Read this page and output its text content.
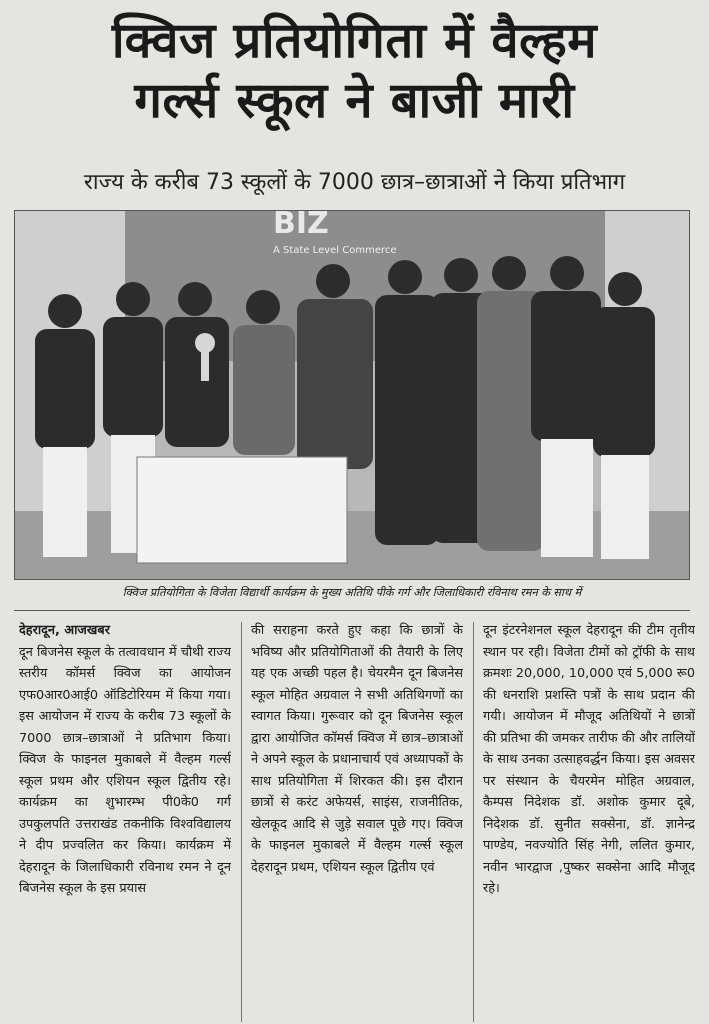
क्विज प्रतियोगिता में वैल्हम
गर्ल्स स्कूल ने बाजी मारी
राज्य के करीब 73 स्कूलों के 7000 छात्र–छात्राओं ने किया प्रतिभाग
BIZ
A State Level Commerce
क्विज प्रतियोगिता के विजेता विद्यार्थी कार्यक्रम के मुख्य अतिथि पीके गर्ग और जिलाधिकारी रविनाथ रमन के साथ में

देहरादून, आजखबर

दून बिजनेस स्कूल के तत्वावधान में चौथी राज्य स्तरीय कॉमर्स क्विज का आयोजन एफ0आर0आई0 ऑडिटोरियम में किया गया। इस आयोजन में राज्य के करीब 73 स्कूलों के 7000 छात्र–छात्राओं ने प्रतिभाग किया। क्विज के फाइनल मुकाबले में वैल्हम गर्ल्स स्कूल प्रथम और एशियन स्कूल द्वितीय रहे। कार्यक्रम का शुभारम्भ पी0के0 गर्ग उपकुलपति उत्तराखंड तकनीकि विश्वविद्यालय ने दीप प्रज्वलित कर किया। कार्यक्रम में देहरादून के जिलाधिकारी रविनाथ रमन ने दून बिजनेस स्कूल के इस प्रयास

की सराहना करते हुए कहा कि छात्रों के भविष्य और प्रतियोगिताओं की तैयारी के लिए यह एक अच्छी पहल है। चेयरमैन दून बिजनेस स्कूल मोहित अग्रवाल ने सभी अतिथिगणों का स्वागत किया। गुरूवार को दून बिजनेस स्कूल द्वारा आयोजित कॉमर्स क्विज में छात्र–छात्राओं ने अपने स्कूल के प्रधानाचार्य एवं अध्यापकों के साथ प्रतियोगिता में शिरकत की। इस दौरान छात्रों से करंट अफेयर्स, साइंस, राजनीतिक, खेलकूद आदि से जुड़े सवाल पूछे गए। क्विज के फाइनल मुकाबले में वैल्हम गर्ल्स स्कूल देहरादून प्रथम, एशियन स्कूल द्वितीय एवं

दून इंटरनेशनल स्कूल देहरादून की टीम तृतीय स्थान पर रही। विजेता टीमों को ट्रॉफी के साथ क्रमशः 20,000, 10,000 एवं 5,000 रू0 की धनराशि प्रशस्ति पत्रों के साथ प्रदान की गयी। आयोजन में मौजूद अतिथियों ने छात्रों की प्रतिभा की जमकर तारीफ की और तालियों के साथ उनका उत्साहवर्द्धन किया। इस अवसर पर संस्थान के चैयरमेन मोहित अग्रवाल, कैम्पस निदेशक डॉ. अशोक कुमार दूबे, निदेशक डॉ. सुनीत सक्सेना, डॉ. ज्ञानेन्द्र पाण्डेय, नवज्योति सिंह नेगी, ललित कुमार, नवीन भारद्वाज ,पुष्कर सक्सेना आदि मौजूद रहे।
